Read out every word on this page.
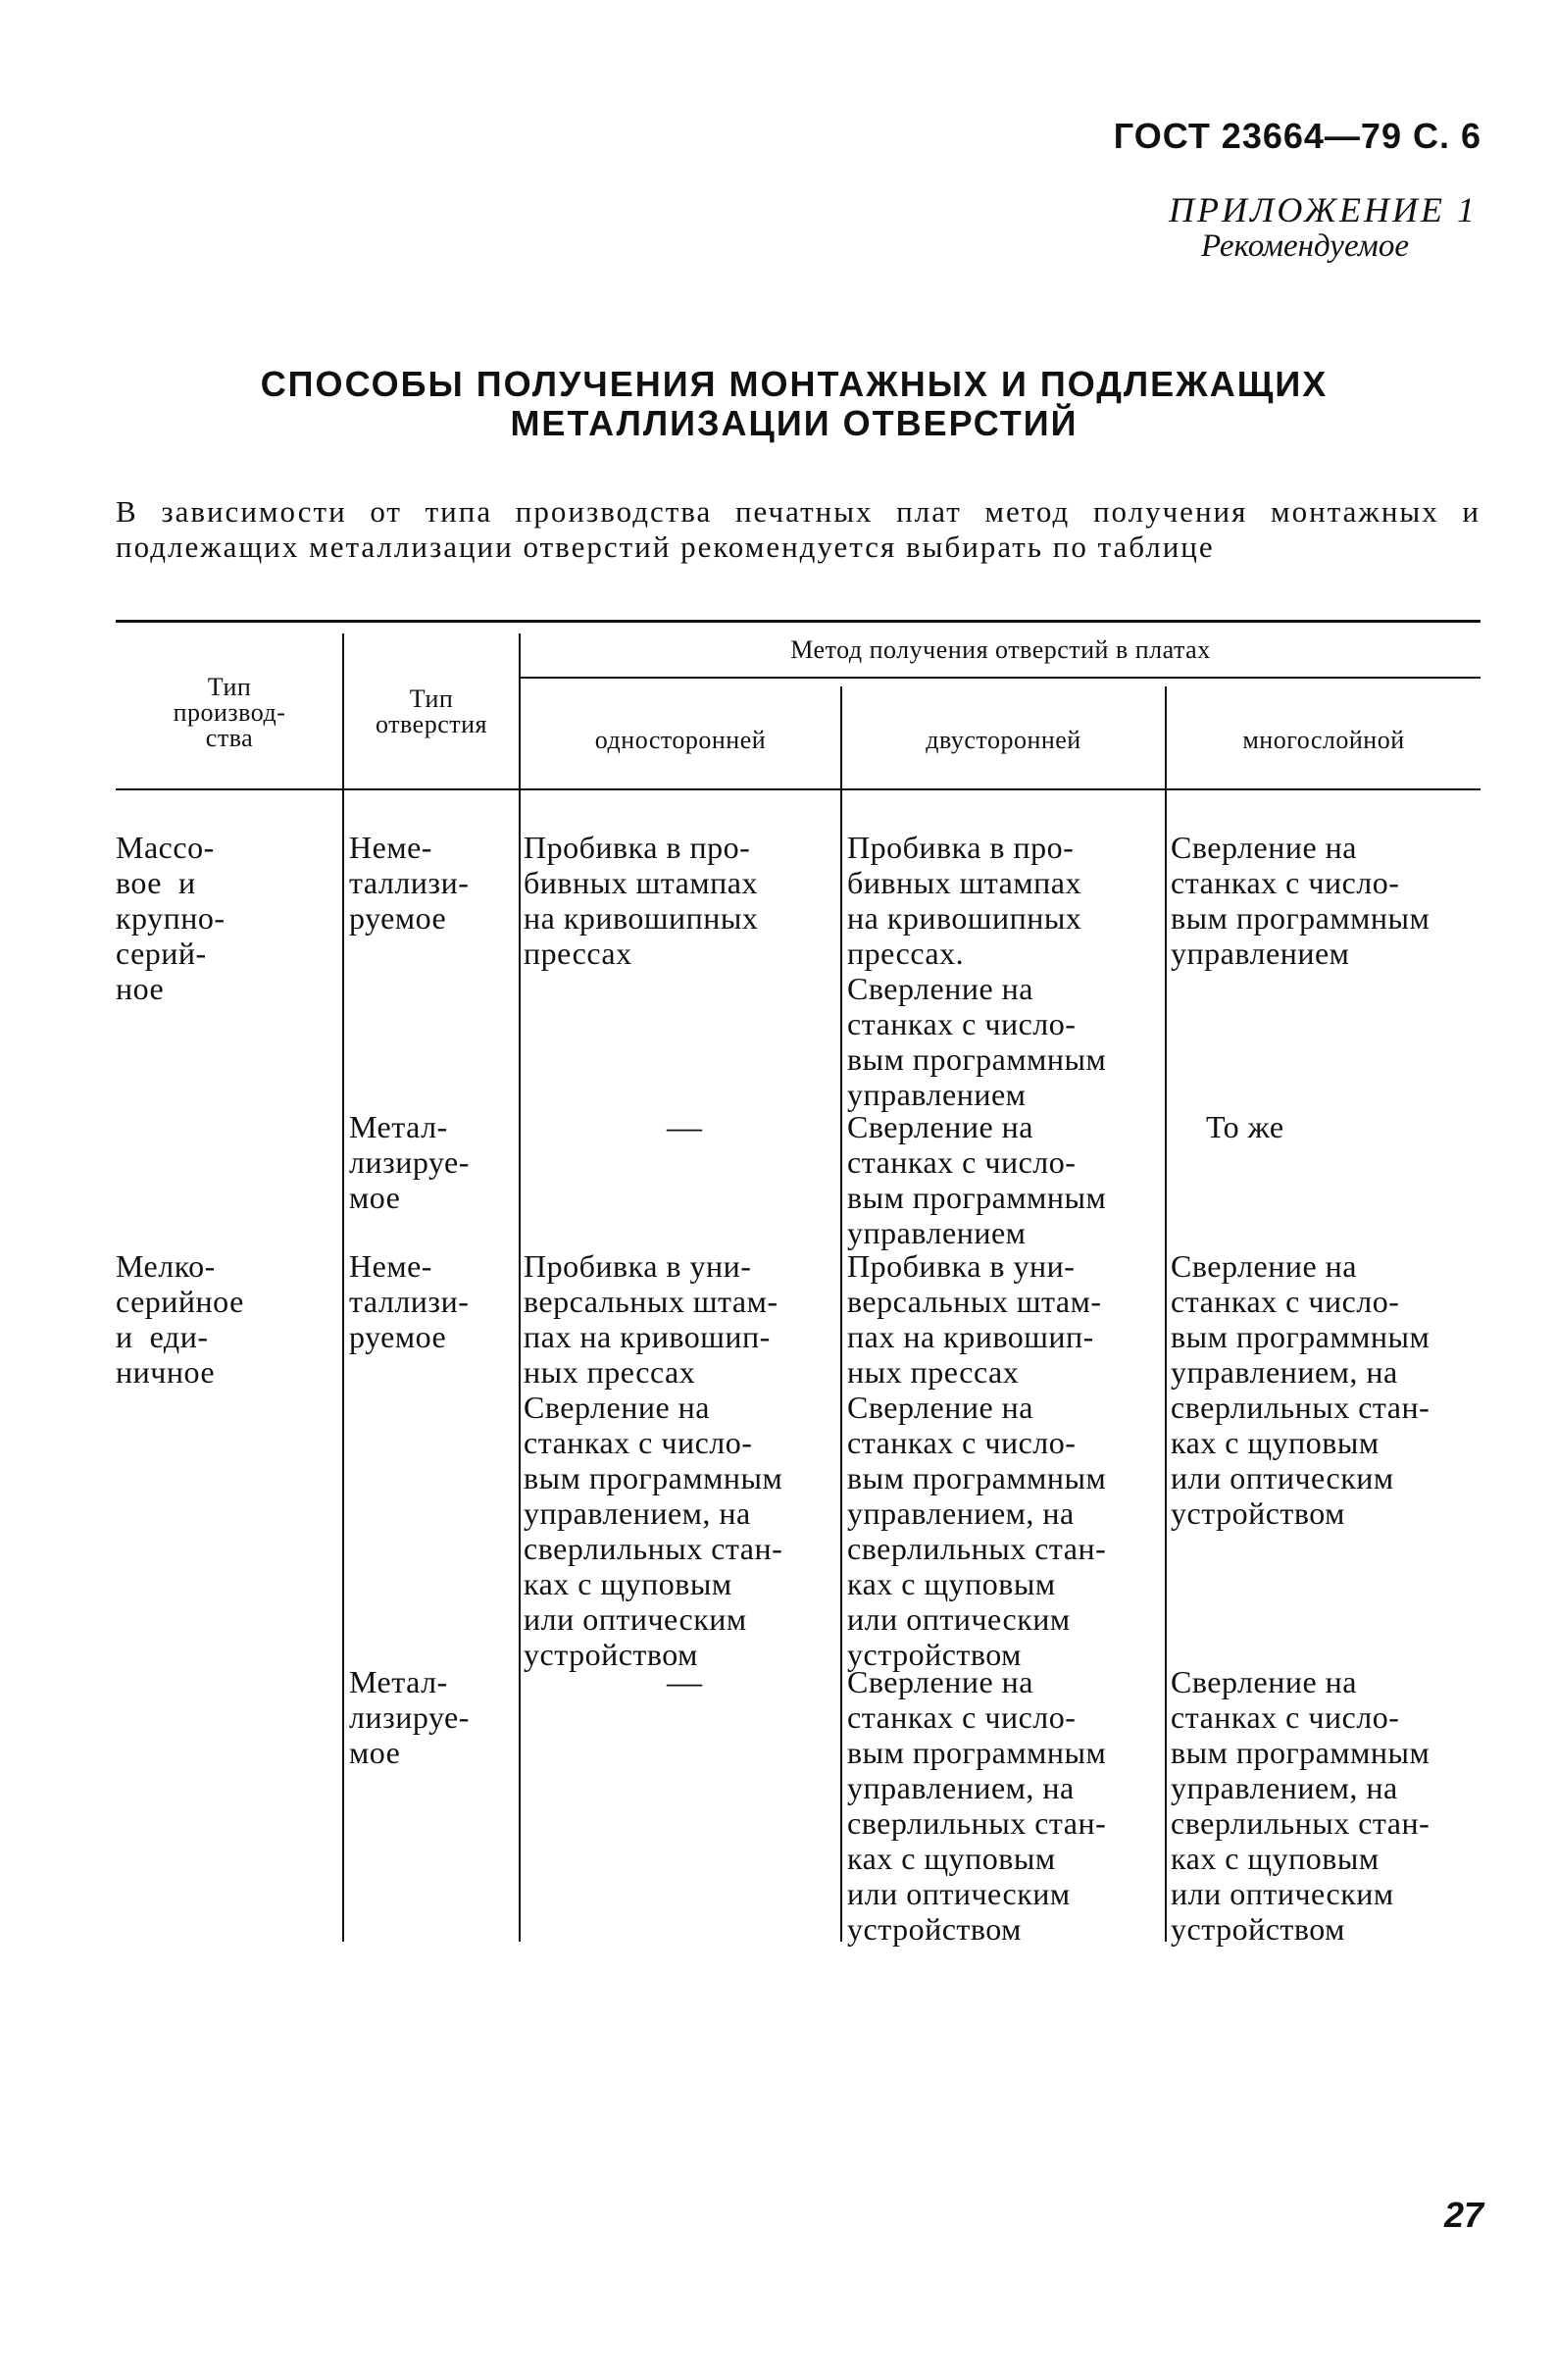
ГОСТ 23664—79 С. 6
ПРИЛОЖЕНИЕ 1
Рекомендуемое
СПОСОБЫ ПОЛУЧЕНИЯ МОНТАЖНЫХ И ПОДЛЕЖАЩИХ
МЕТАЛЛИЗАЦИИ ОТВЕРСТИЙ
В зависимости от типа производства печатных плат метод получения монтажных и подлежащих металлизации отверстий рекомендуется выбирать по таблице
Тип
производ-
ства
Тип
отверстия
Метод получения отверстий в платах
односторонней	двусторонней	многослойной
Массо-
вое  и
крупно-
серий-
ное
Мелко-
серийное
и  еди-
ничное
Неме-
таллизи-
руемое
Метал-
лизируе-
мое
Неме-
таллизи-
руемое
Метал-
лизируе-
мое
Пробивка в про-
бивных штампах
на кривошипных
прессах
—
Пробивка в уни-
версальных штам-
пах на кривошип-
ных прессах
Сверление на
станках с число-
вым программным
управлением, на
сверлильных стан-
ках с щуповым
или оптическим
устройством
—
Пробивка в про-
бивных штампах
на кривошипных
прессах.
Сверление на
станках с число-
вым программным
управлением
Сверление на
станках с число-
вым программным
управлением
Пробивка в уни-
версальных штам-
пах на кривошип-
ных прессах
Сверление на
станках с число-
вым программным
управлением, на
сверлильных стан-
ках с щуповым
или оптическим
устройством
Сверление на
станках с число-
вым программным
управлением, на
сверлильных стан-
ках с щуповым
или оптическим
устройством
Сверление на
станках с число-
вым программным
управлением
То же
Сверление на
станках с число-
вым программным
управлением, на
сверлильных стан-
ках с щуповым
или оптическим
устройством
Сверление на
станках с число-
вым программным
управлением, на
сверлильных стан-
ках с щуповым
или оптическим
устройством
27
